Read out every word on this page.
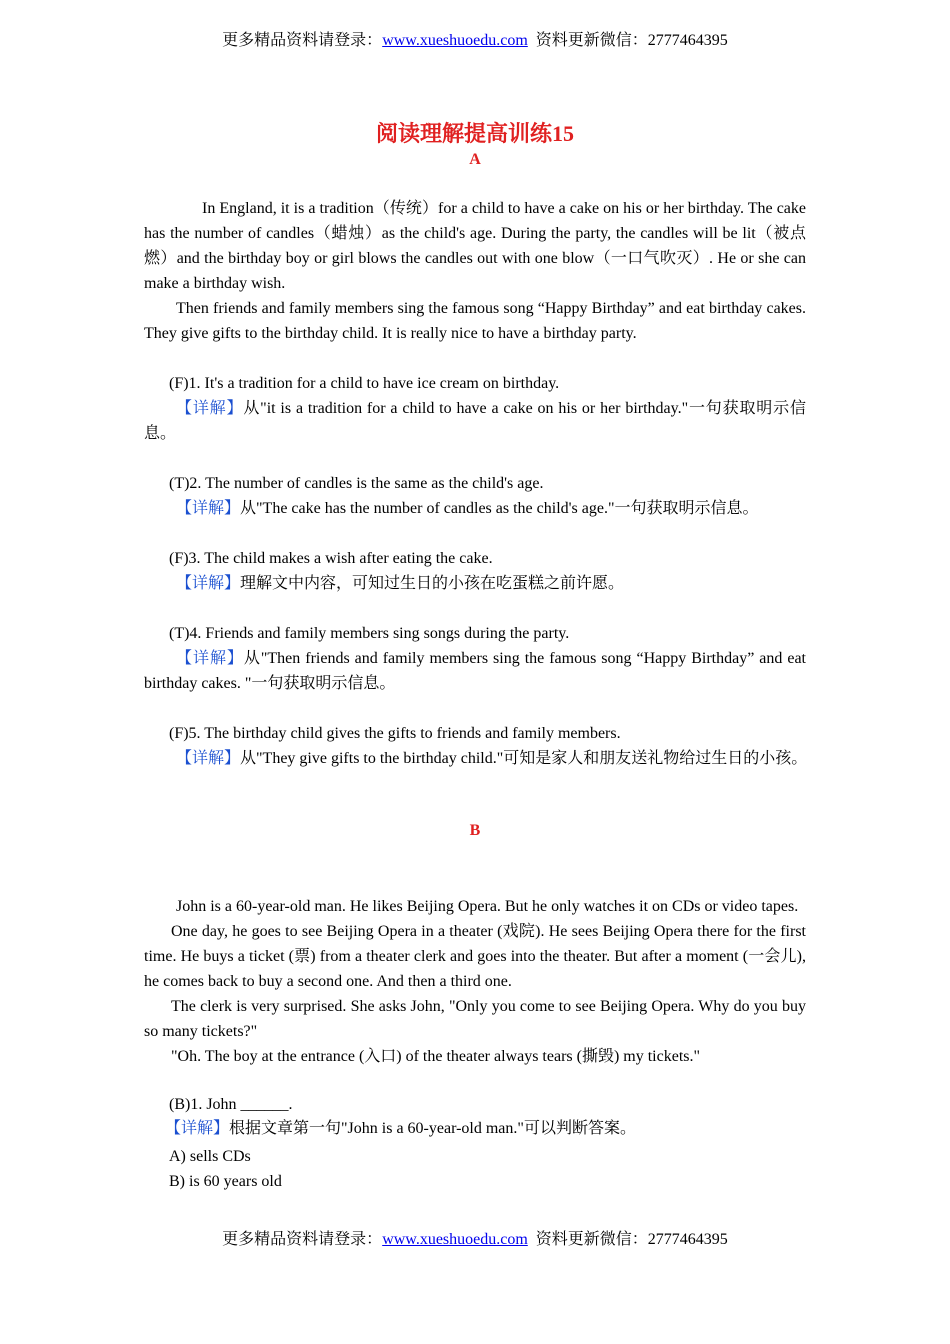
更多精品资料请登录：www.xueshuoedu.com 资料更新微信：2777464395
阅读理解提高训练15
A

In England, it is a tradition（传统）for a child to have a cake on his or her birthday. The cake has the number of candles（蜡烛）as the child's age. During the party, the candles will be lit（被点燃）and the birthday boy or girl blows the candles out with one blow（一口气吹灭）. He or she can make a birthday wish.

Then friends and family members sing the famous song “Happy Birthday” and eat birthday cakes. They give gifts to the birthday child. It is really nice to have a birthday party.

(F)1. It's a tradition for a child to have ice cream on birthday.

【详解】从"it is a tradition for a child to have a cake on his or her birthday."一句获取明示信息。

(T)2. The number of candles is the same as the child's age.

【详解】从"The cake has the number of candles as the child's age."一句获取明示信息。

(F)3. The child makes a wish after eating the cake.

【详解】理解文中内容，可知过生日的小孩在吃蛋糕之前许愿。

(T)4. Friends and family members sing songs during the party.

【详解】从"Then friends and family members sing the famous song “Happy Birthday” and eat birthday cakes. "一句获取明示信息。

(F)5. The birthday child gives the gifts to friends and family members.

【详解】从"They give gifts to the birthday child."可知是家人和朋友送礼物给过生日的小孩。

B

John is a 60-year-old man. He likes Beijing Opera. But he only watches it on CDs or video tapes.

One day, he goes to see Beijing Opera in a theater (戏院). He sees Beijing Opera there for the first time. He buys a ticket (票) from a theater clerk and goes into the theater. But after a moment (一会儿), he comes back to buy a second one. And then a third one.

The clerk is very surprised. She asks John, "Only you come to see Beijing Opera. Why do you buy so many tickets?"

"Oh. The boy at the entrance (入口) of the theater always tears (撕毁) my tickets."

(B)1. John ______.

【详解】根据文章第一句"John is a 60-year-old man."可以判断答案。

A) sells CDs

B) is 60 years old

更多精品资料请登录：www.xueshuoedu.com 资料更新微信：2777464395
